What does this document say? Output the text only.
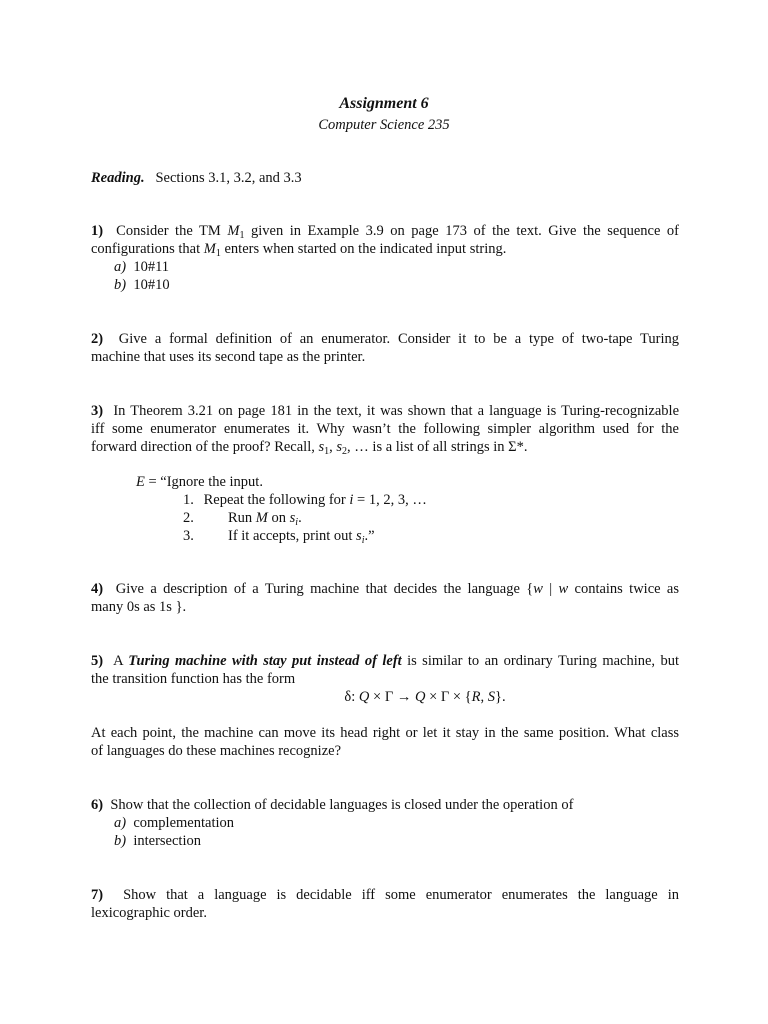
Assignment 6
Computer Science 235
Reading. Sections 3.1, 3.2, and 3.3
1)  Consider the TM $M_1$ given in Example 3.9 on page 173 of the text. Give the sequence of
configurations that $M_1$ enters when started on the indicated input string.
a) 10#11
b) 10#10
2) Give a formal definition of an enumerator. Consider it to be a type of two-tape Turing
machine that uses its second tape as the printer.
3) In Theorem 3.21 on page 181 in the text, it was shown that a language is Turing-recognizable
iff some enumerator enumerates it. Why wasn’t the following simpler algorithm used for the
forward direction of the proof? Recall, $s_1$, $s_2$, … is a list of all strings in Σ*.
E = “Ignore the input.
1. Repeat the following for i = 1, 2, 3, …
2. Run M on $s_i$.
3. If it accepts, print out $s_i$.”
4)  Give a description of a Turing machine that decides the language {w | w contains twice as
many 0s as 1s }.
5) A Turing machine with stay put instead of left is similar to an ordinary Turing machine, but
the transition function has the form
δ: Q × Γ → Q × Γ × {R, S}.
At each point, the machine can move its head right or let it stay in the same position. What class
of languages do these machines recognize?
6) Show that the collection of decidable languages is closed under the operation of
a) complementation
b) intersection
7) Show that a language is decidable iff some enumerator enumerates the language in
lexicographic order.
